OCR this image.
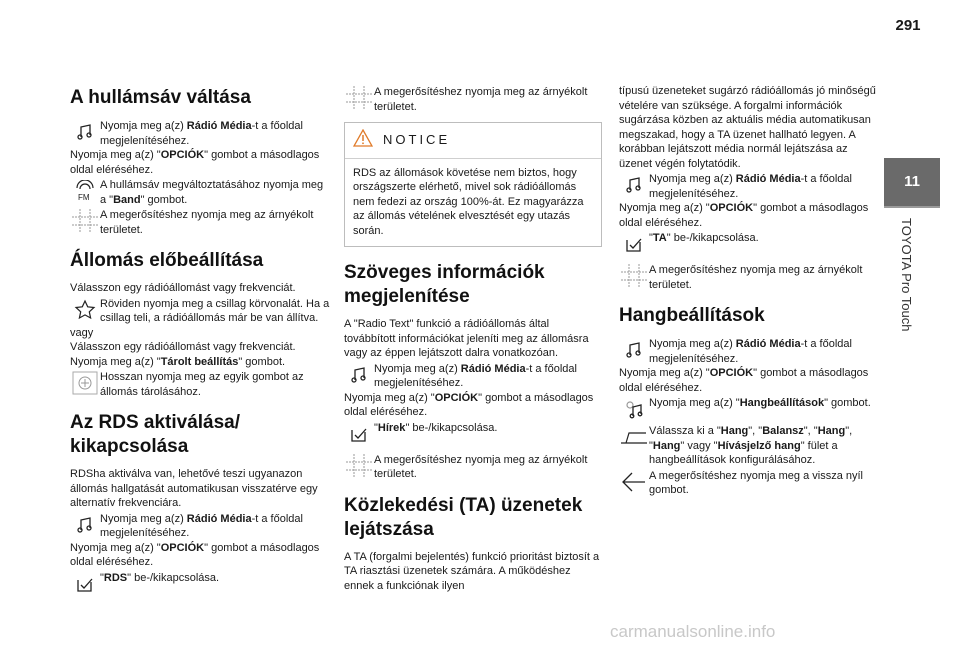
291
11
TOYOTA Pro Touch
A hullámsáv váltása
Nyomja meg a(z) Rádió Média-t a főoldal megjelenítéséhez.

Nyomja meg a(z) "OPCIÓK" gombot a másodlagos oldal eléréséhez.

FM
A hullámsáv megváltoztatásához nyomja meg a "Band" gombot.
A megerősítéshez nyomja meg az árnyékolt területet.
Állomás előbeállítása

Válasszon egy rádióállomást vagy frekvenciát.

Röviden nyomja meg a csillag körvonalát. Ha a csillag teli, a rádióállomás már be van állítva.

vagy

Válasszon egy rádióállomást vagy frekvenciát.

Nyomja meg a(z) "Tárolt beállítás" gombot.

Hosszan nyomja meg az egyik gombot az állomás tárolásához.
Az RDS aktiválása/ kikapcsolása

RDSha aktiválva van, lehetővé teszi ugyanazon állomás hallgatását automatikusan visszatérve egy alternatív frekvenciára.

Nyomja meg a(z) Rádió Média-t a főoldal megjelenítéséhez.

Nyomja meg a(z) "OPCIÓK" gombot a másodlagos oldal eléréséhez.

"RDS" be-/kikapcsolása.
A megerősítéshez nyomja meg az árnyékolt területet.
NOTICE
RDS az állomások követése nem biztos, hogy országszerte elérhető, mivel sok rádióállomás nem fedezi az ország 100%-át. Ez magyarázza az állomás vételének elvesztését egy utazás során.
Szöveges információk megjelenítése

A "Radio Text" funkció a rádióállomás által továbbított információkat jeleníti meg az állomásra vagy az éppen lejátszott dalra vonatkozóan.

Nyomja meg a(z) Rádió Média-t a főoldal megjelenítéséhez.

Nyomja meg a(z) "OPCIÓK" gombot a másodlagos oldal eléréséhez.

"Hírek" be-/kikapcsolása.
A megerősítéshez nyomja meg az árnyékolt területet.
Közlekedési (TA) üzenetek lejátszása

A TA (forgalmi bejelentés) funkció prioritást biztosít a TA riasztási üzenetek számára. A működéshez ennek a funkciónak ilyen

típusú üzeneteket sugárzó rádióállomás jó minőségű vételére van szüksége. A forgalmi információk sugárzása közben az aktuális média automatikusan megszakad, hogy a TA üzenet hallható legyen. A korábban lejátszott média normál lejátszása az üzenet végén folytatódik.

Nyomja meg a(z) Rádió Média-t a főoldal megjelenítéséhez.

Nyomja meg a(z) "OPCIÓK" gombot a másodlagos oldal eléréséhez.

"TA" be-/kikapcsolása.
A megerősítéshez nyomja meg az árnyékolt területet.
Hangbeállítások
Nyomja meg a(z) Rádió Média-t a főoldal megjelenítéséhez.

Nyomja meg a(z) "OPCIÓK" gombot a másodlagos oldal eléréséhez.

Nyomja meg a(z) "Hangbeállítások" gombot.
Válassza ki a "Hang", "Balansz", "Hang", "Hang" vagy "Hívásjelző hang" fület a hangbeállítások konfigurálásához.
A megerősítéshez nyomja meg a vissza nyíl gombot.
carmanualsonline.info
